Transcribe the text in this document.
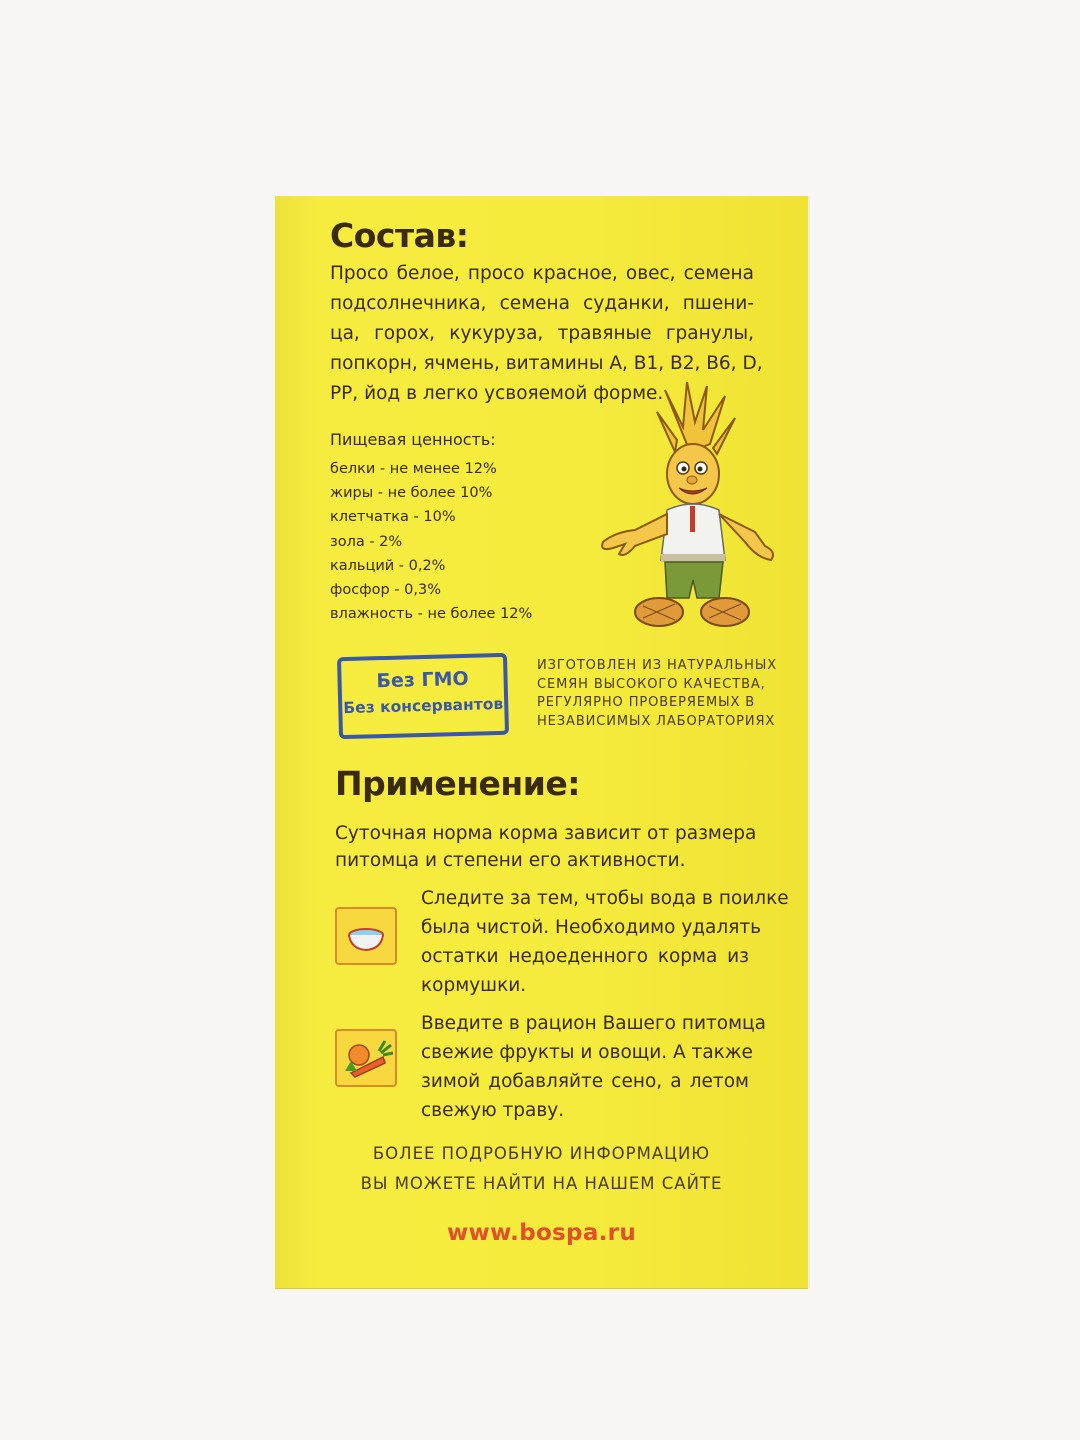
Состав:
Просо белое, просо красное, овес, семена
подсолнечника, семена суданки, пшени-
ца, горох, кукуруза, травяные гранулы,
попкорн, ячмень, витамины А, В1, В2, В6, D,
РР, йод в легко усвояемой форме.
Пищевая ценность:
белки - не менее 12%
жиры - не более 10%
клетчатка - 10%
зола - 2%
кальций - 0,2%
фосфор - 0,3%
влажность - не более 12%
Без ГМО
Без консервантов
ИЗГОТОВЛЕН ИЗ НАТУРАЛЬНЫХ
СЕМЯН ВЫСОКОГО КАЧЕСТВА,
РЕГУЛЯРНО ПРОВЕРЯЕМЫХ В
НЕЗАВИСИМЫХ ЛАБОРАТОРИЯХ
Применение:
Суточная норма корма зависит от размера
питомца и степени его активности.
Следите за тем, чтобы вода в поилке
была чистой. Необходимо удалять
остатки недоеденного корма из
кормушки.
Введите в рацион Вашего питомца
свежие фрукты и овощи. А также
зимой добавляйте сено, а летом
свежую траву.
БОЛЕЕ ПОДРОБНУЮ ИНФОРМАЦИЮ
ВЫ МОЖЕТЕ НАЙТИ НА НАШЕМ САЙТЕ
www.bospa.ru
